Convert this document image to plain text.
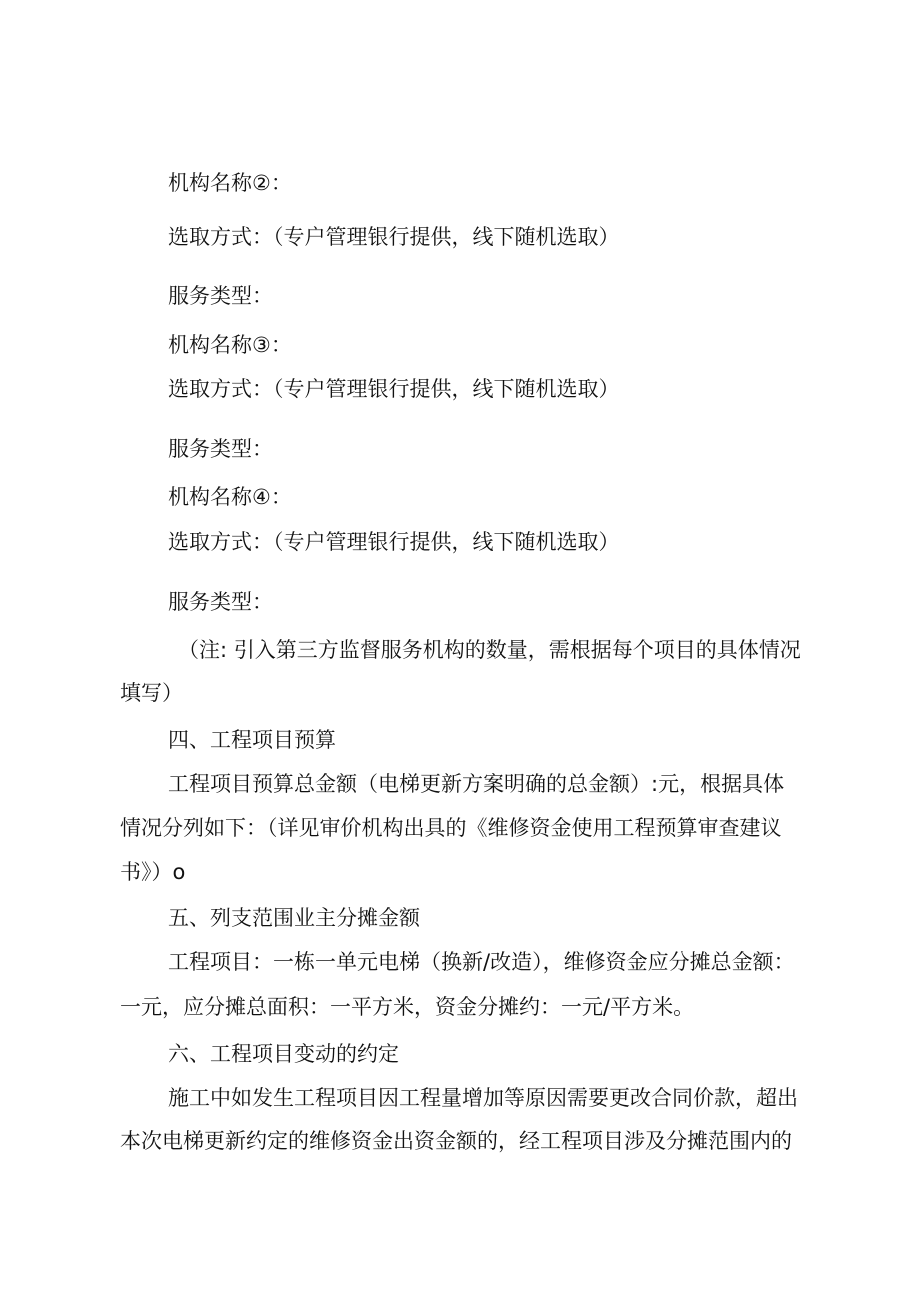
机构名称②：

选取方式：（专户管理银行提供，线下随机选取）

服务类型：

机构名称③：

选取方式：（专户管理银行提供，线下随机选取）

服务类型：

机构名称④：

选取方式：（专户管理银行提供，线下随机选取）

服务类型：

（注: 引入第三方监督服务机构的数量，需根据每个项目的具体情况

填写）

四、工程项目预算

工程项目预算总金额（电梯更新方案明确的总金额）:元，根据具体

情况分列如下：（详见审价机构出具的《维修资金使用工程预算审查建议

书》）o

五、列支范围业主分摊金额

工程项目：一栋一单元电梯（换新/改造），维修资金应分摊总金额：

一元，应分摊总面积：一平方米，资金分摊约：一元/平方米。

六、工程项目变动的约定

施工中如发生工程项目因工程量增加等原因需要更改合同价款，超出

本次电梯更新约定的维修资金出资金额的，经工程项目涉及分摊范围内的
